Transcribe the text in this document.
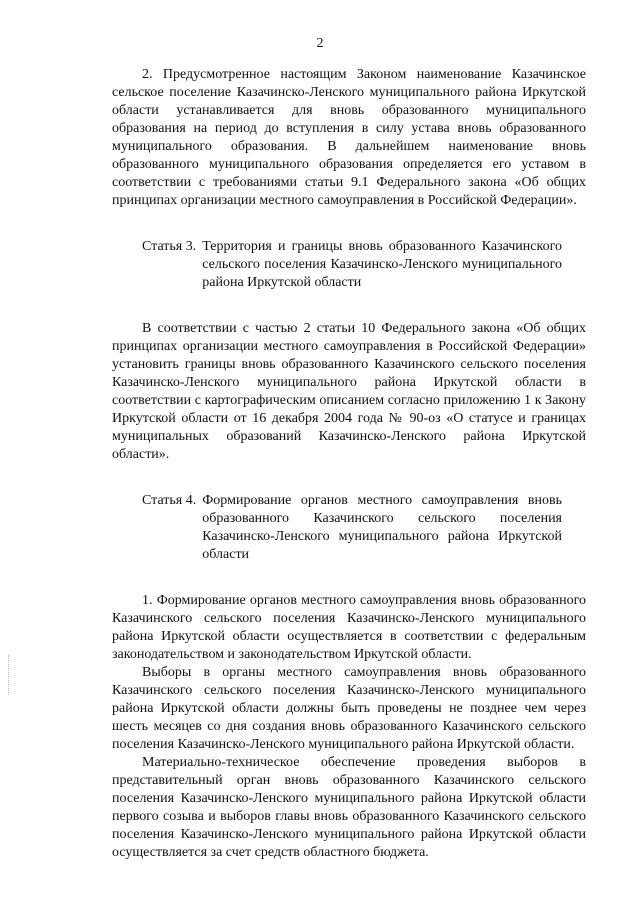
2

2. Предусмотренное настоящим Законом наименование Казачинское сельское поселение Казачинско-Ленского муниципального района Иркутской области устанавливается для вновь образованного муниципального образования на период до вступления в силу устава вновь образованного муниципального образования. В дальнейшем наименование вновь образованного муниципального образования определяется его уставом в соответствии с требованиями статьи 9.1 Федерального закона «Об общих принципах организации местного самоуправления в Российской Федерации».

Статья 3. Территория и границы вновь образованного Казачинского сельского поселения Казачинско-Ленского муниципального района Иркутской области

В соответствии с частью 2 статьи 10 Федерального закона «Об общих принципах организации местного самоуправления в Российской Федерации» установить границы вновь образованного Казачинского сельского поселения Казачинско-Ленского муниципального района Иркутской области в соответствии с картографическим описанием согласно приложению 1 к Закону Иркутской области от 16 декабря 2004 года № 90-оз «О статусе и границах муниципальных образований Казачинско-Ленского района Иркутской области».

Статья 4. Формирование органов местного самоуправления вновь образованного Казачинского сельского поселения Казачинско-Ленского муниципального района Иркутской области

1. Формирование органов местного самоуправления вновь образованного Казачинского сельского поселения Казачинско-Ленского муниципального района Иркутской области осуществляется в соответствии с федеральным законодательством и законодательством Иркутской области.

Выборы в органы местного самоуправления вновь образованного Казачинского сельского поселения Казачинско-Ленского муниципального района Иркутской области должны быть проведены не позднее чем через шесть месяцев со дня создания вновь образованного Казачинского сельского поселения Казачинско-Ленского муниципального района Иркутской области.

Материально-техническое обеспечение проведения выборов в представительный орган вновь образованного Казачинского сельского поселения Казачинско-Ленского муниципального района Иркутской области первого созыва и выборов главы вновь образованного Казачинского сельского поселения Казачинско-Ленского муниципального района Иркутской области осуществляется за счет средств областного бюджета.
